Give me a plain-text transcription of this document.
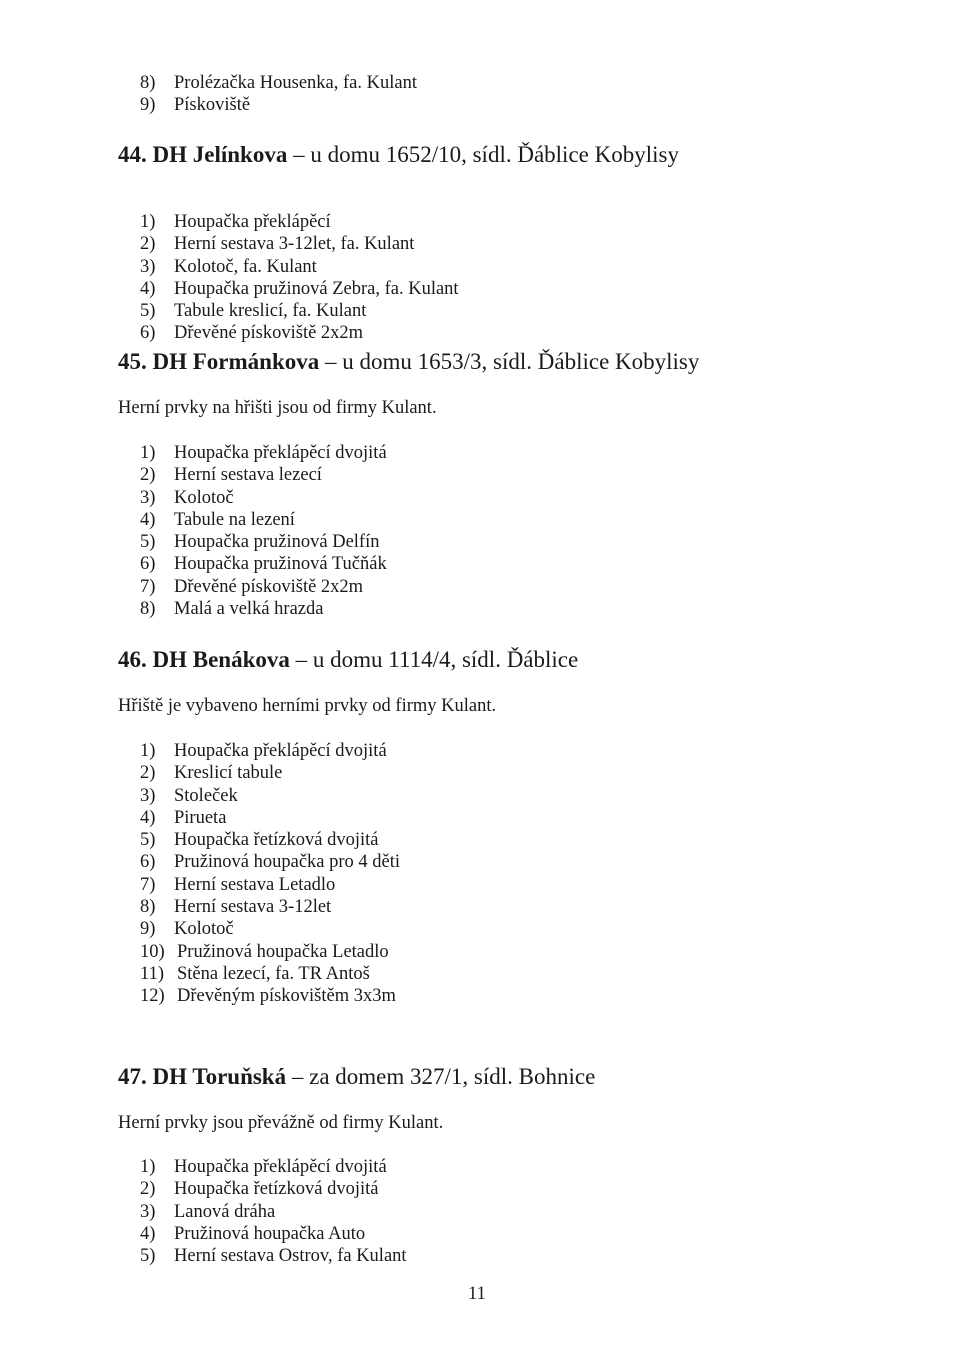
8) Prolézačka Housenka, fa. Kulant
9) Pískoviště
44. DH Jelínkova – u domu 1652/10, sídl. Ďáblice Kobylisy
1) Houpačka překlápěcí
2) Herní sestava 3-12let, fa. Kulant
3) Kolotoč, fa. Kulant
4) Houpačka pružinová Zebra, fa. Kulant
5) Tabule kreslicí, fa. Kulant
6) Dřevěné pískoviště 2x2m
45. DH Formánkova – u domu 1653/3, sídl. Ďáblice Kobylisy

Herní prvky na hřišti jsou od firmy Kulant.

1) Houpačka překlápěcí dvojitá
2) Herní sestava lezecí
3) Kolotoč
4) Tabule na lezení
5) Houpačka pružinová Delfín
6) Houpačka pružinová Tučňák
7) Dřevěné pískoviště 2x2m
8) Malá a velká hrazda
46. DH Benákova – u domu 1114/4, sídl. Ďáblice

Hřiště je vybaveno herními prvky od firmy Kulant.

1) Houpačka překlápěcí dvojitá
2) Kreslicí tabule
3) Stoleček
4) Pirueta
5) Houpačka řetízková dvojitá
6) Pružinová houpačka pro 4 děti
7) Herní sestava Letadlo
8) Herní sestava 3-12let
9) Kolotoč
10) Pružinová houpačka Letadlo
11) Stěna lezecí, fa. TR Antoš
12) Dřevěným pískovištěm 3x3m
47. DH Toruňská – za domem 327/1, sídl. Bohnice

Herní prvky jsou převážně od firmy Kulant.

1) Houpačka překlápěcí dvojitá
2) Houpačka řetízková dvojitá
3) Lanová dráha
4) Pružinová houpačka Auto
5) Herní sestava Ostrov, fa Kulant
11
